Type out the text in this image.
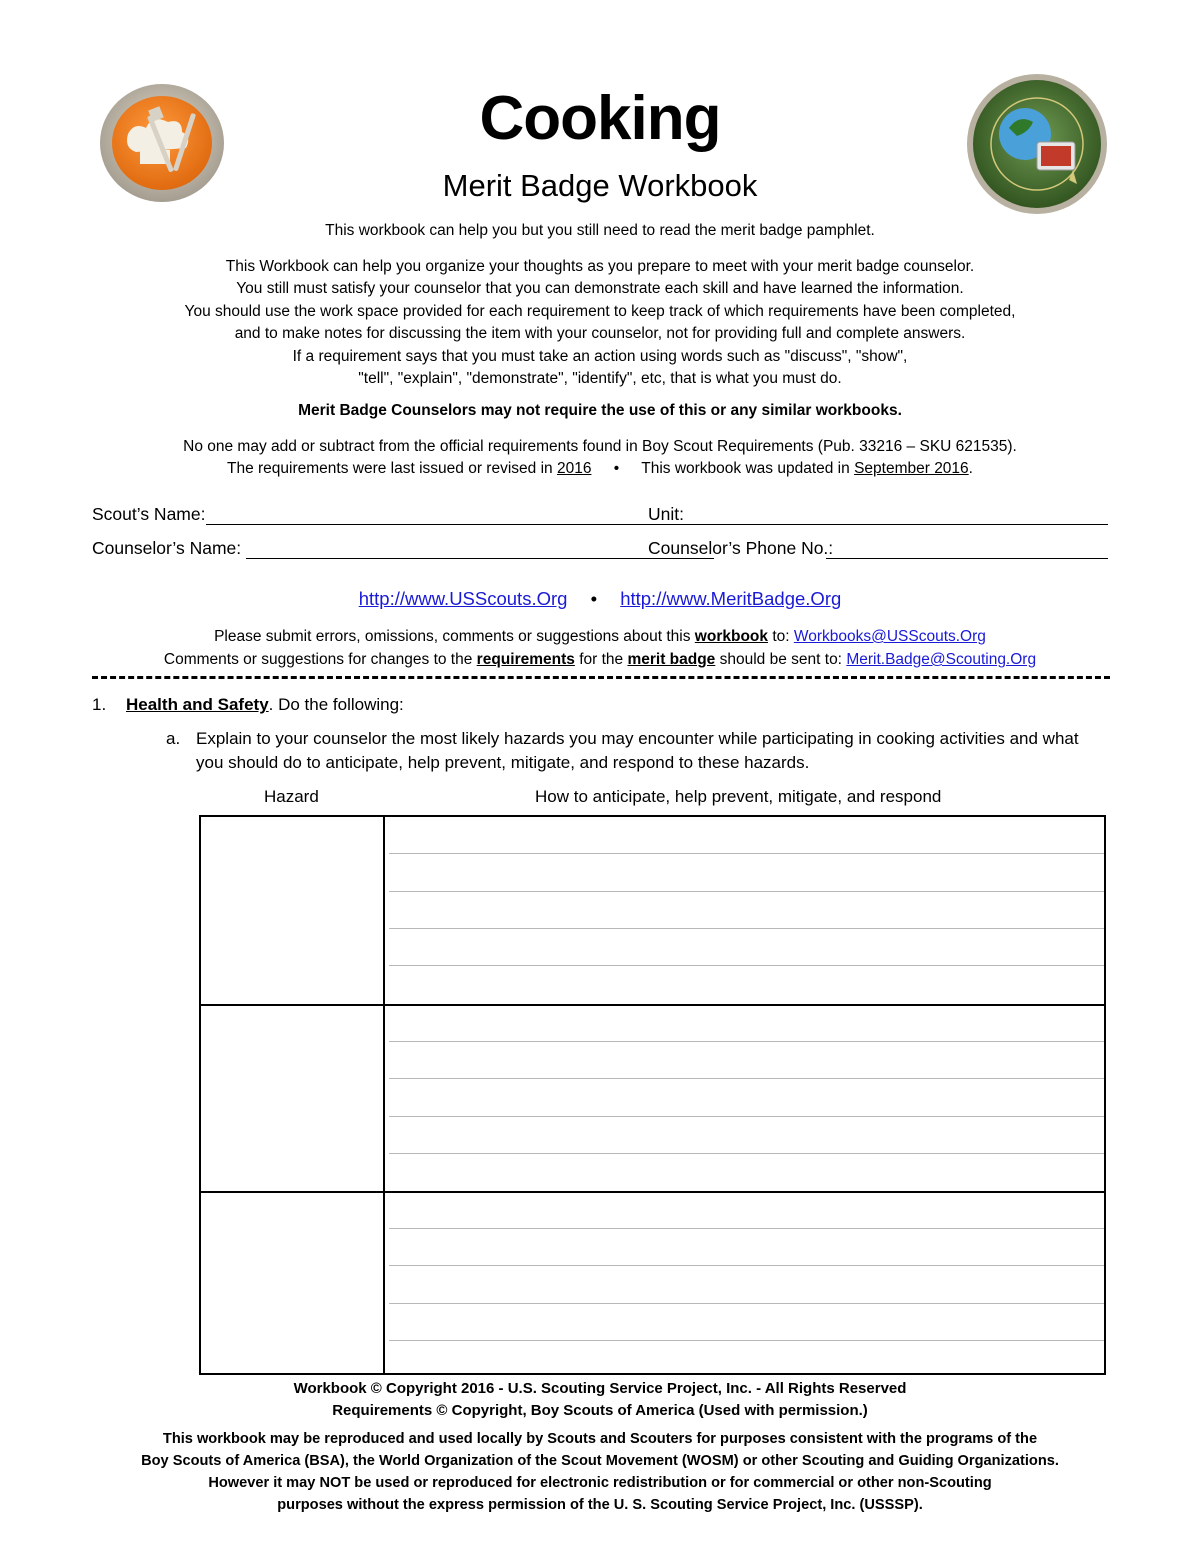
Cooking
Merit Badge Workbook
This workbook can help you but you still need to read the merit badge pamphlet.
This Workbook can help you organize your thoughts as you prepare to meet with your merit badge counselor.
You still must satisfy your counselor that you can demonstrate each skill and have learned the information.
You should use the work space provided for each requirement to keep track of which requirements have been completed,
and to make notes for discussing the item with your counselor, not for providing full and complete answers.
If a requirement says that you must take an action using words such as "discuss", "show",
"tell", "explain", "demonstrate", "identify", etc, that is what you must do.
Merit Badge Counselors may not require the use of this or any similar workbooks.
No one may add or subtract from the official requirements found in Boy Scout Requirements (Pub. 33216 – SKU 621535).
The requirements were last issued or revised in 2016 • This workbook was updated in September 2016.
Scout’s Name:	Unit:
Counselor’s Name:	Counselor’s Phone No.:
http://www.USScouts.Org • http://www.MeritBadge.Org
Please submit errors, omissions, comments or suggestions about this workbook to: Workbooks@USScouts.Org
Comments or suggestions for changes to the requirements for the merit badge should be sent to: Merit.Badge@Scouting.Org
1. Health and Safety. Do the following:
a. Explain to your counselor the most likely hazards you may encounter while participating in cooking activities and what you should do to anticipate, help prevent, mitigate, and respond to these hazards.
Hazard	How to anticipate, help prevent, mitigate, and respond
Workbook © Copyright 2016 - U.S. Scouting Service Project, Inc. - All Rights Reserved
Requirements © Copyright, Boy Scouts of America (Used with permission.)
This workbook may be reproduced and used locally by Scouts and Scouters for purposes consistent with the programs of the
Boy Scouts of America (BSA), the World Organization of the Scout Movement (WOSM) or other Scouting and Guiding Organizations.
However it may NOT be used or reproduced for electronic redistribution or for commercial or other non-Scouting
purposes without the express permission of the U. S. Scouting Service Project, Inc. (USSSP).
